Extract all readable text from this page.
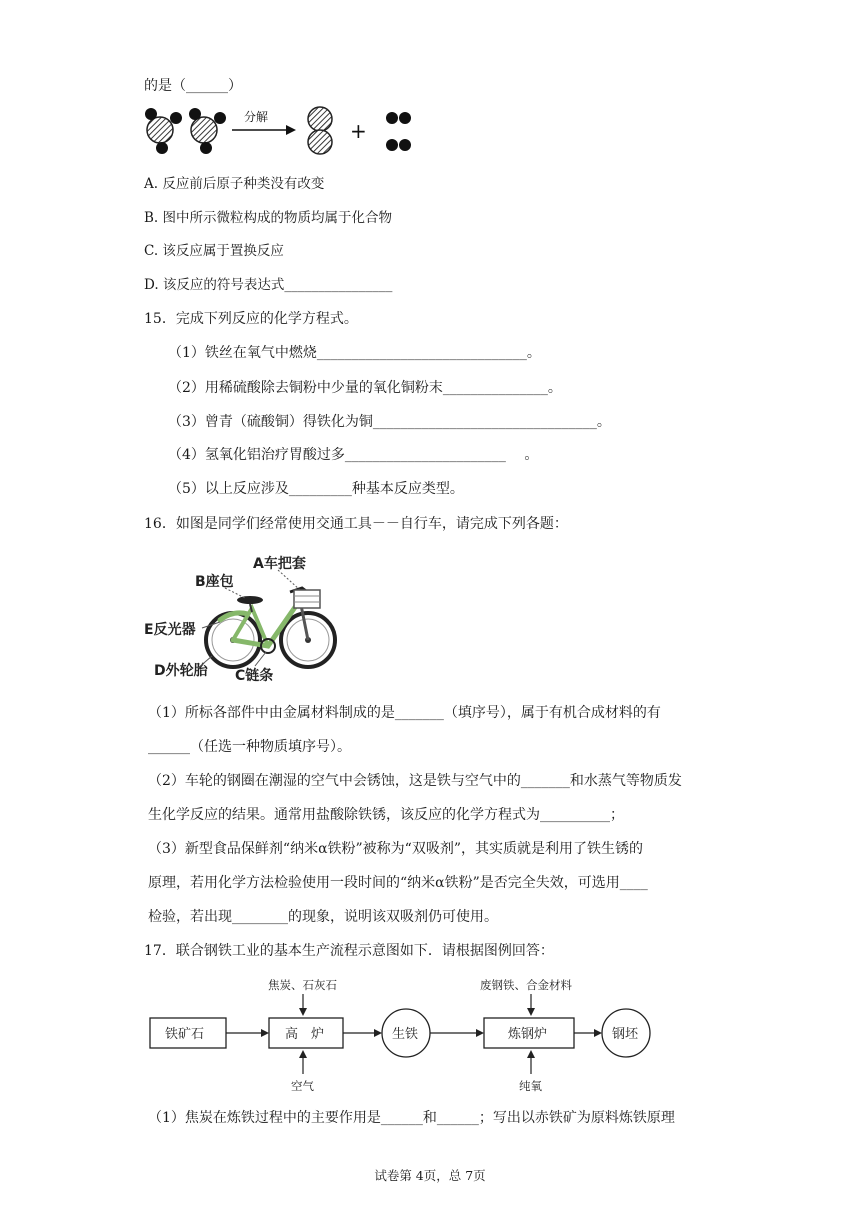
的是（______）
分解
+
A. 反应前后原子种类没有改变
B. 图中所示微粒构成的物质均属于化合物
C. 该反应属于置换反应
D. 该反应的符号表达式________________
15．完成下列反应的化学方程式。
（1）铁丝在氧气中燃烧______________________________。
（2）用稀硫酸除去铜粉中少量的氧化铜粉末_______________。
（3）曾青（硫酸铜）得铁化为铜________________________________。
（4）氢氧化铝治疗胃酸过多_______________________　 。
（5）以上反应涉及_________种基本反应类型。
16．如图是同学们经常使用交通工具－－自行车，请完成下列各题：
A车把套
B座包
E反光器
D外轮胎 C链条
（1）所标各部件中由金属材料制成的是_______（填序号），属于有机合成材料的有
______（任选一种物质填序号）。
（2）车轮的钢圈在潮湿的空气中会锈蚀，这是铁与空气中的_______和水蒸气等物质发
生化学反应的结果。通常用盐酸除铁锈，该反应的化学方程式为__________；
（3）新型食品保鲜剂“纳米α铁粉”被称为“双吸剂”，其实质就是利用了铁生锈的
原理，若用化学方法检验使用一段时间的“纳米α铁粉”是否完全失效，可选用____
检验，若出现________的现象，说明该双吸剂仍可使用。
17．联合钢铁工业的基本生产流程示意图如下．请根据图例回答：
焦炭、石灰石	废钢铁、合金材料
铁矿石	高　炉	生铁	炼钢炉	钢坯
空气	纯氧
（1）焦炭在炼铁过程中的主要作用是______和______；写出以赤铁矿为原料炼铁原理
试卷第 4页，总 7页
